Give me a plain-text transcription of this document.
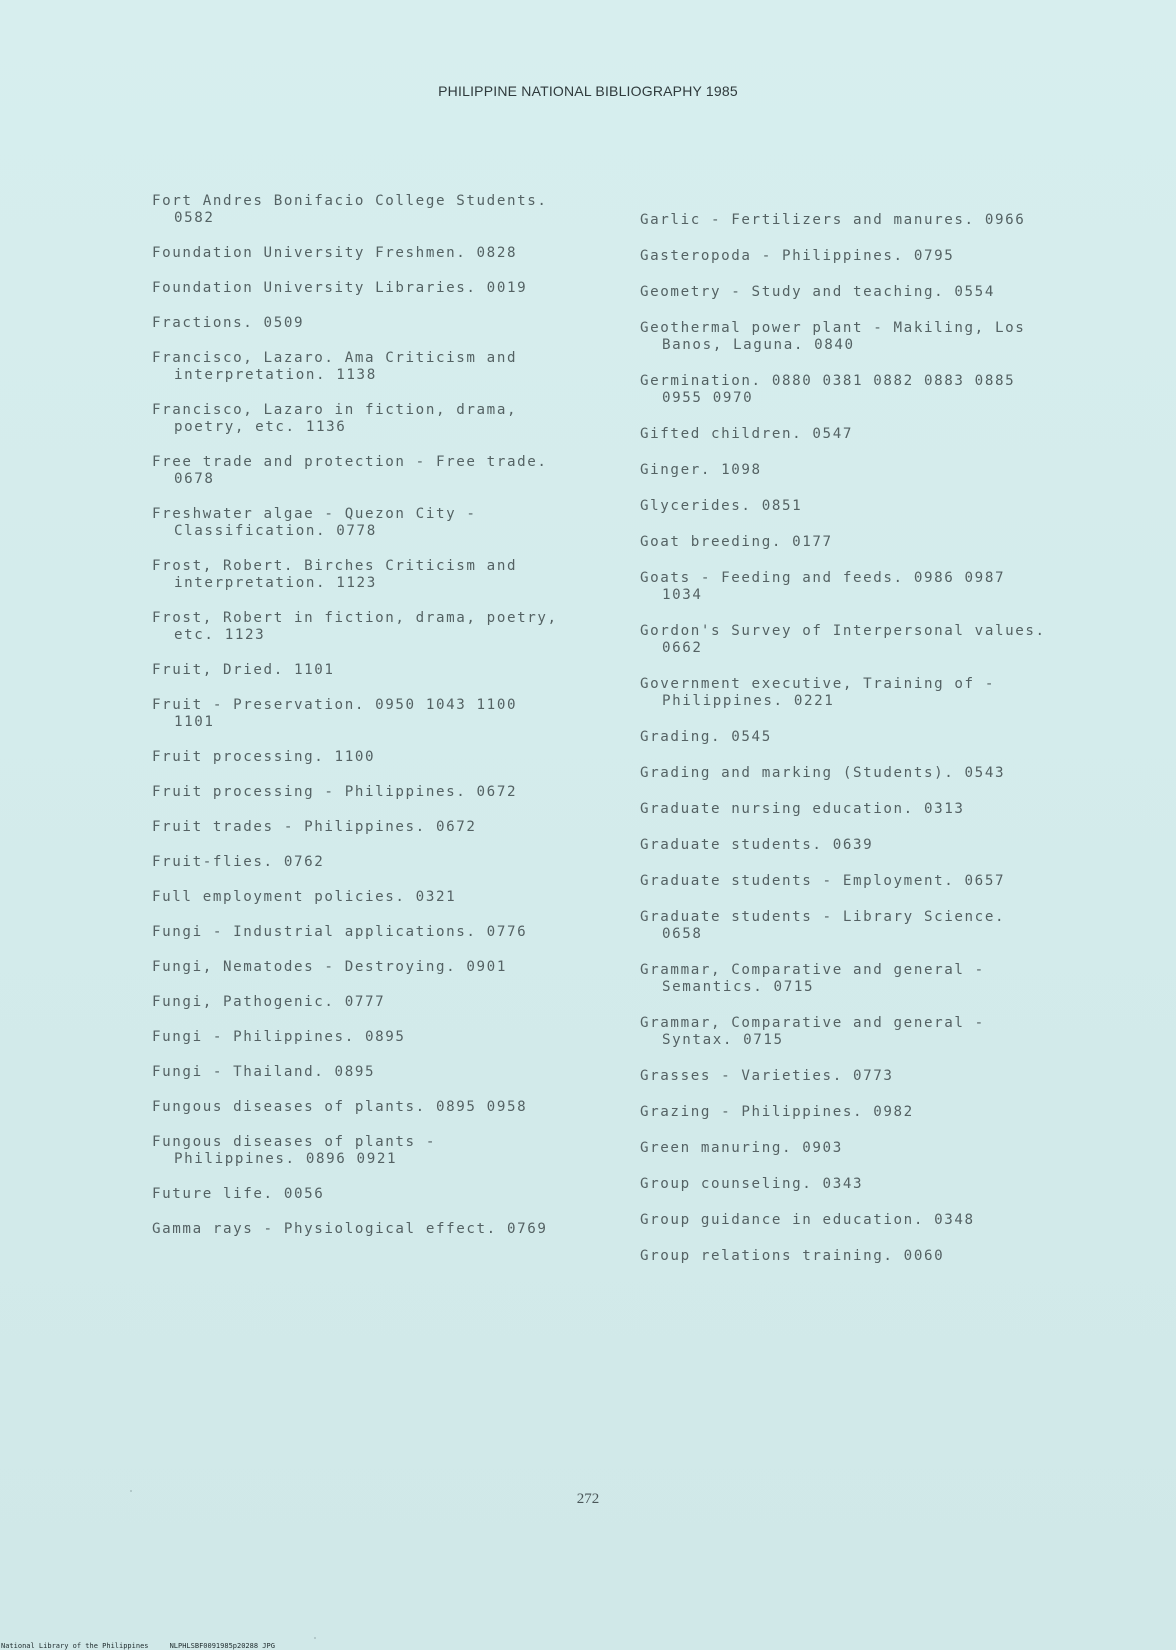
PHILIPPINE NATIONAL BIBLIOGRAPHY 1985
Fort Andres Bonifacio College Students.
0582
Foundation University Freshmen. 0828
Foundation University Libraries. 0019
Fractions. 0509
Francisco, Lazaro. Ama Criticism and
interpretation. 1138
Francisco, Lazaro in fiction, drama,
poetry, etc. 1136
Free trade and protection - Free trade.
0678
Freshwater algae - Quezon City -
Classification. 0778
Frost, Robert. Birches Criticism and
interpretation. 1123
Frost, Robert in fiction, drama, poetry,
etc. 1123
Fruit, Dried. 1101
Fruit - Preservation. 0950 1043 1100
1101
Fruit processing. 1100
Fruit processing - Philippines. 0672
Fruit trades - Philippines. 0672
Fruit-flies. 0762
Full employment policies. 0321
Fungi - Industrial applications. 0776
Fungi, Nematodes - Destroying. 0901
Fungi, Pathogenic. 0777
Fungi - Philippines. 0895
Fungi - Thailand. 0895
Fungous diseases of plants. 0895 0958
Fungous diseases of plants -
Philippines. 0896 0921
Future life. 0056
Gamma rays - Physiological effect. 0769
Garlic - Fertilizers and manures. 0966
Gasteropoda - Philippines. 0795
Geometry - Study and teaching. 0554
Geothermal power plant - Makiling, Los
Banos, Laguna. 0840
Germination. 0880 0381 0882 0883 0885
0955 0970
Gifted children. 0547
Ginger. 1098
Glycerides. 0851
Goat breeding. 0177
Goats - Feeding and feeds. 0986 0987
1034
Gordon's Survey of Interpersonal values.
0662
Government executive, Training of -
Philippines. 0221
Grading. 0545
Grading and marking (Students). 0543
Graduate nursing education. 0313
Graduate students. 0639
Graduate students - Employment. 0657
Graduate students - Library Science.
0658
Grammar, Comparative and general -
Semantics. 0715
Grammar, Comparative and general -
Syntax. 0715
Grasses - Varieties. 0773
Grazing - Philippines. 0982
Green manuring. 0903
Group counseling. 0343
Group guidance in education. 0348
Group relations training. 0060
272
National Library of the Philippines     NLPHLSBF0091985p20288 JPG
